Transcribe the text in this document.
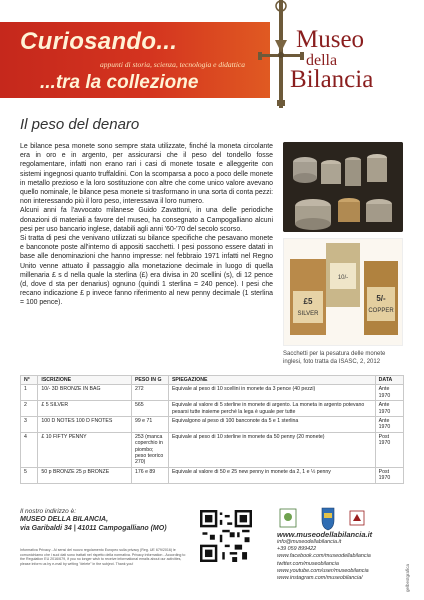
Curiosando...
appunti di storia, scienza, tecnologia e didattica
...tra la collezione
Museo
della
Bilancia
Il peso del denaro

Le bilance pesa monete sono sempre stata utilizzate, finché la moneta circolante era in oro e in argento, per assicurarsi che il peso del tondello fosse regolamentare, infatti non erano rari i casi di monete tosate e alleggerite con sistemi ingegnosi quanto truffaldini. Con la scomparsa a poco a poco delle monete in metallo prezioso e la loro sostituzione con altre che come unico valore avevano quello nominale, le bilance pesa monete si trasformano in una sorta di conta pezzi: non interessando più il loro peso, interessava il loro numero.

Alcuni anni fa l'avvocato milanese Guido Zavattoni, in una delle periodiche donazioni di materiali a favore del museo, ha consegnato a Campogalliano alcuni pesi per uso bancario inglese, databili agli anni '60-'70 del secolo scorso.

Si tratta di pesi che venivano utilizzati su bilance specifiche che pesavano monete e banconote poste all'interno di appositi sacchetti. I pesi possono essere datati in base alle denominazioni che hanno impresse: nel febbraio 1971 infatti nel Regno Unito venne attuato il passaggio alla monetazione decimale in luogo di quella millenaria £ s d nella quale la sterlina (£) era divisa in 20 scellini (s), di 12 pence (d, dove d sta per denarius) ognuno (quindi 1 sterlina = 240 pence). I pesi che recano indicazione £ p invece fanno riferimento al new penny decimale (1 sterlina = 100 pence).	£5
SILVER
10/-
5/-
COPPER
Sacchetti per la pesatura delle monete inglesi, foto tratta da ISASC, 2, 2012
N°	ISCRIZIONE	PESO IN G	SPIEGAZIONE	DATA
1	10/- 3D BRONZE IN BAG	272	Equivale al peso di 10 scellini in monete da 3 pence (40 pezzi)	Ante 1970
2	£ 5 SILVER	565	Equivale al valore di 5 sterline in monete di argento. La moneta in argento potevano pesarsi tutte insieme perché la lega è uguale per tutte	Ante 1970
3	100 D NOTES 100 D FNOTES	99 e 71	Equivalgono al peso di 100 banconote da 5 e 1 sterlina	Ante 1970
4	£ 10 FIFTY PENNY	253 (manca coperchio in piombo; peso teorico 270)	Equivale al peso di 10 sterline in monete da 50 penny (20 monete)	Post 1970
5	50 p BRONZE 25 p BRONZE	176 e 89	Equivale al valore di 50 e 25 new penny in monete da 2, 1 e ½ penny	Post 1970
Il nostro indirizzo è:
MUSEO DELLA BILANCIA,
via Garibaldi 34 | 41011 Campogalliano (MO)
Informativa Privacy - Ai sensi del nuovo regolamento Europeo sulla privacy (Reg. UE 679/2016) le comunichiamo che i suoi dati sono trattati nel rispetto della normativa. Privacy information - According to the Regulation EU 2016/679, if you no longer wish to receive informational emails about our activities, please inform us by e-mail by writing "delete" in the subject. Thank you!
www.museodellabilancia.it
info@museodellabilancia.it
+39 059 899422
www.facebook.com/museodellabilancia
twitter.com/museobilancia
www.youtube.com/user/museobilancia
www.instagram.com/museobilancia/	gelbestgrafica
